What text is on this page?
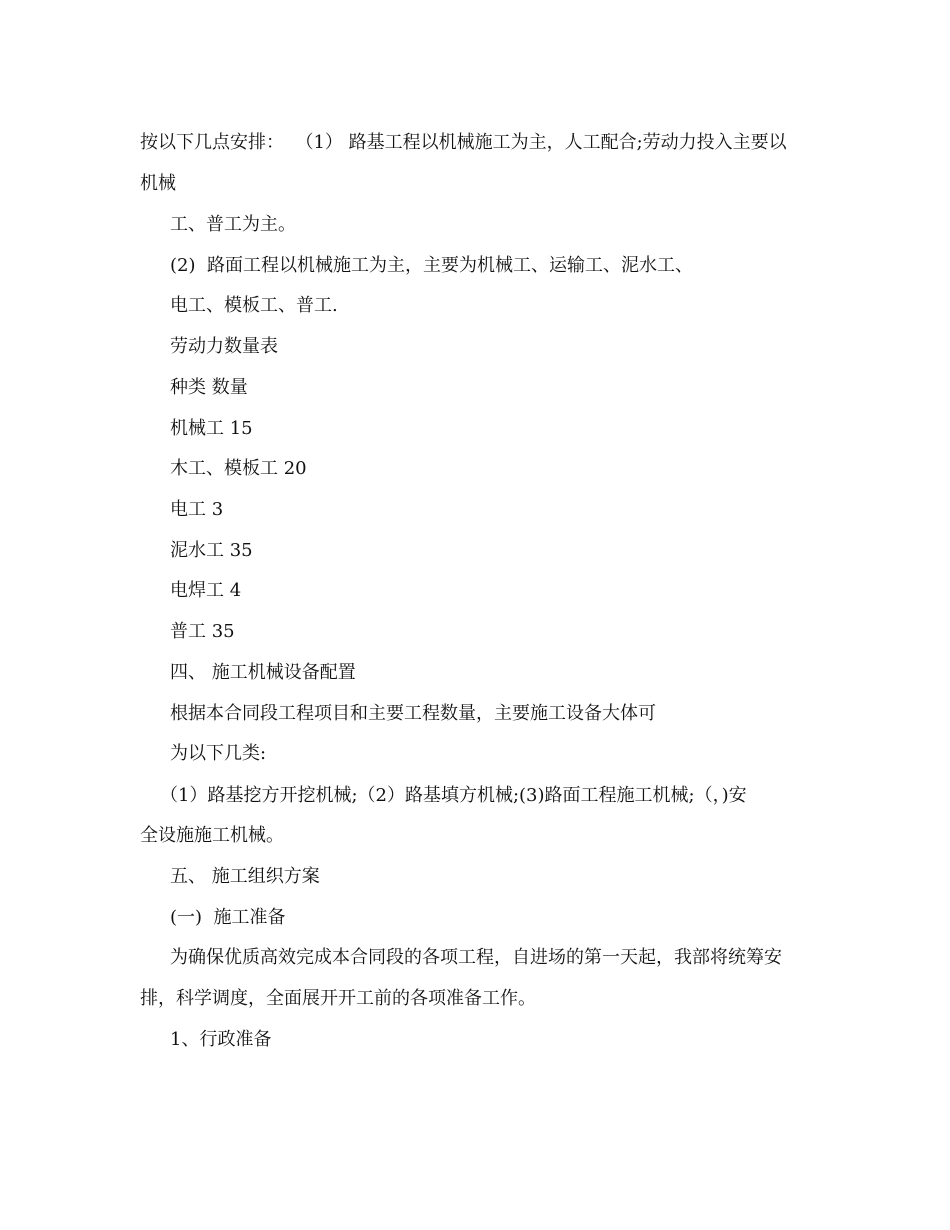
按以下几点安排：  （1） 路基工程以机械施工为主，人工配合;劳动力投入主要以
机械
工、普工为主。
(2)  路面工程以机械施工为主，主要为机械工、运输工、泥水工、
电工、模板工、普工.
劳动力数量表
种类 数量
机械工 15
木工、模板工 20
电工 3
泥水工 35
电焊工 4
普工 35
四、 施工机械设备配置
根据本合同段工程项目和主要工程数量，主要施工设备大体可
为以下几类:
（1）路基挖方开挖机械;（2）路基填方机械;(3)路面工程施工机械;（，)安
全设施施工机械。
五、 施工组织方案
(一)  施工准备
为确保优质高效完成本合同段的各项工程，自进场的第一天起，我部将统筹安
排，科学调度，全面展开开工前的各项准备工作。
1、行政准备
